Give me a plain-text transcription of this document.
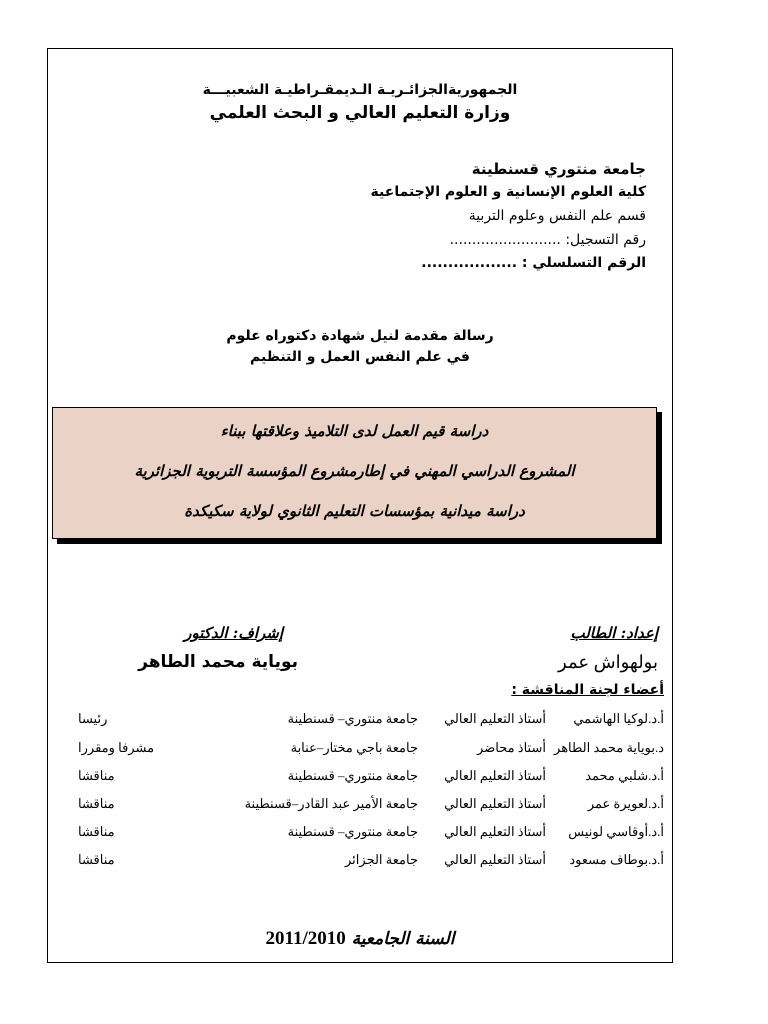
الجمهوريةالجزائـريـة الـديمقـراطيـة الشعبيـــة
وزارة التعليم العالي و البحث العلمي
جامعة منتوري قسنطينة
كلية العلوم الإنسانية و العلوم الإجتماعية
قسم علم النفس وعلوم التربية
رقم التسجيل: .........................
الرقم التسلسلي : ..................
رسالة مقدمة لنيل شهادة دكتوراه علوم
في علم النفس العمل و التنظيم
دراسة قيم العمل لدى التلاميذ وعلاقتها ببناء
المشروع الدراسي المهني في إطارمشروع المؤسسة التربوية الجزائرية
دراسة ميدانية بمؤسسات التعليم الثانوي لولاية سكيكدة
إعداد: الطالب
بولهواش عمر
إشراف: الدكتور
بوياية محمد الطاهر
أعضاء لجنة المناقشة :
أ.د.لوكيا الهاشمي
أستاذ التعليم العالي
جامعة منتوري– قسنطينة
رئيسا
د.بوياية محمد الطاهر
أستاذ محاضر
جامعة باجي مختار–عنابة
مشرفا ومقررا
أ.د.شلبي محمد
أستاذ التعليم العالي
جامعة منتوري– قسنطينة
مناقشا
أ.د.لعويرة عمر
أستاذ التعليم العالي
جامعة الأمير عبد القادر–قسنطينة
مناقشا
أ.د.أوقاسي لونيس
أستاذ التعليم العالي
جامعة منتوري– قسنطينة
مناقشا
أ.د.بوطاف مسعود
أستاذ التعليم العالي
جامعة الجزائر
مناقشا
السنة الجامعية 2011/2010
